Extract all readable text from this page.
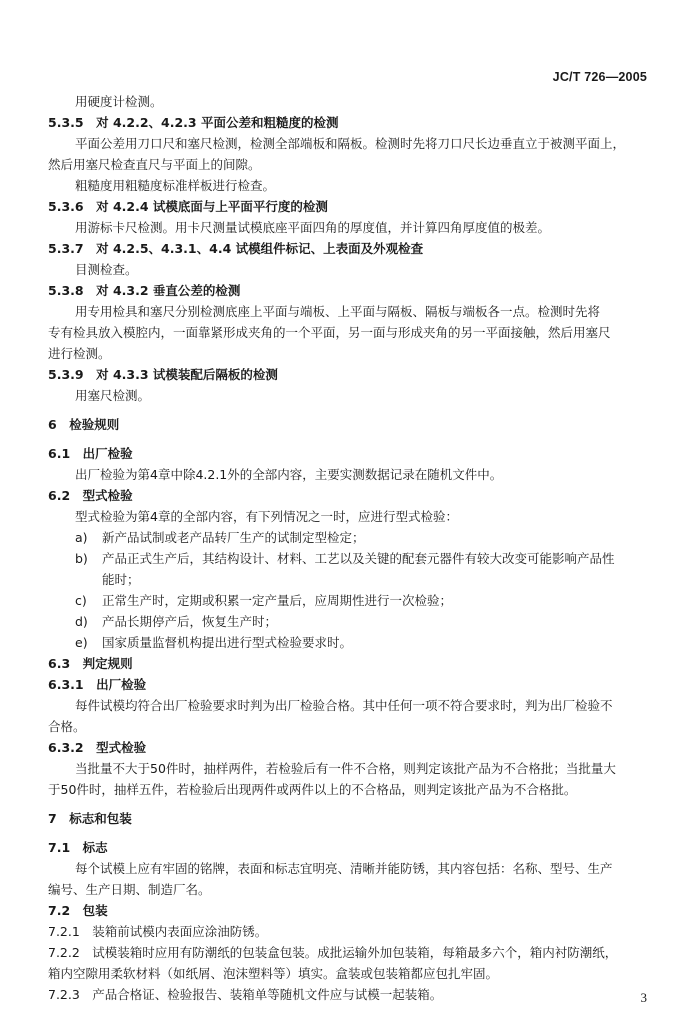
JC/T 726—2005
用硬度计检测。
5.3.5　对 4.2.2、4.2.3 平面公差和粗糙度的检测
平面公差用刀口尺和塞尺检测，检测全部端板和隔板。检测时先将刀口尺长边垂直立于被测平面上，
然后用塞尺检查直尺与平面上的间隙。
粗糙度用粗糙度标准样板进行检查。
5.3.6　对 4.2.4 试模底面与上平面平行度的检测
用游标卡尺检测。用卡尺测量试模底座平面四角的厚度值，并计算四角厚度值的极差。
5.3.7　对 4.2.5、4.3.1、4.4 试模组件标记、上表面及外观检查
目测检查。
5.3.8　对 4.3.2 垂直公差的检测
用专用检具和塞尺分别检测底座上平面与端板、上平面与隔板、隔板与端板各一点。检测时先将
专有检具放入模腔内，一面靠紧形成夹角的一个平面，另一面与形成夹角的另一平面接触，然后用塞尺
进行检测。
5.3.9　对 4.3.3 试模装配后隔板的检测
用塞尺检测。
6　检验规则
6.1　出厂检验
出厂检验为第4章中除4.2.1外的全部内容，主要实测数据记录在随机文件中。
6.2　型式检验
型式检验为第4章的全部内容，有下列情况之一时，应进行型式检验：
a) 新产品试制或老产品转厂生产的试制定型检定；
b) 产品正式生产后，其结构设计、材料、工艺以及关键的配套元器件有较大改变可能影响产品性
能时；
c) 正常生产时，定期或积累一定产量后，应周期性进行一次检验；
d) 产品长期停产后，恢复生产时；
e) 国家质量监督机构提出进行型式检验要求时。
6.3　判定规则
6.3.1　出厂检验
每件试模均符合出厂检验要求时判为出厂检验合格。其中任何一项不符合要求时，判为出厂检验不
合格。
6.3.2　型式检验
当批量不大于50件时，抽样两件，若检验后有一件不合格，则判定该批产品为不合格批；当批量大
于50件时，抽样五件，若检验后出现两件或两件以上的不合格品，则判定该批产品为不合格批。
7　标志和包装
7.1　标志
每个试模上应有牢固的铭牌，表面和标志宜明亮、清晰并能防锈，其内容包括：名称、型号、生产
编号、生产日期、制造厂名。
7.2　包装
7.2.1　装箱前试模内表面应涂油防锈。
7.2.2　试模装箱时应用有防潮纸的包装盒包装。成批运输外加包装箱，每箱最多六个，箱内衬防潮纸，
箱内空隙用柔软材料（如纸屑、泡沫塑料等）填实。盒装或包装箱都应包扎牢固。
7.2.3　产品合格证、检验报告、装箱单等随机文件应与试模一起装箱。	3
